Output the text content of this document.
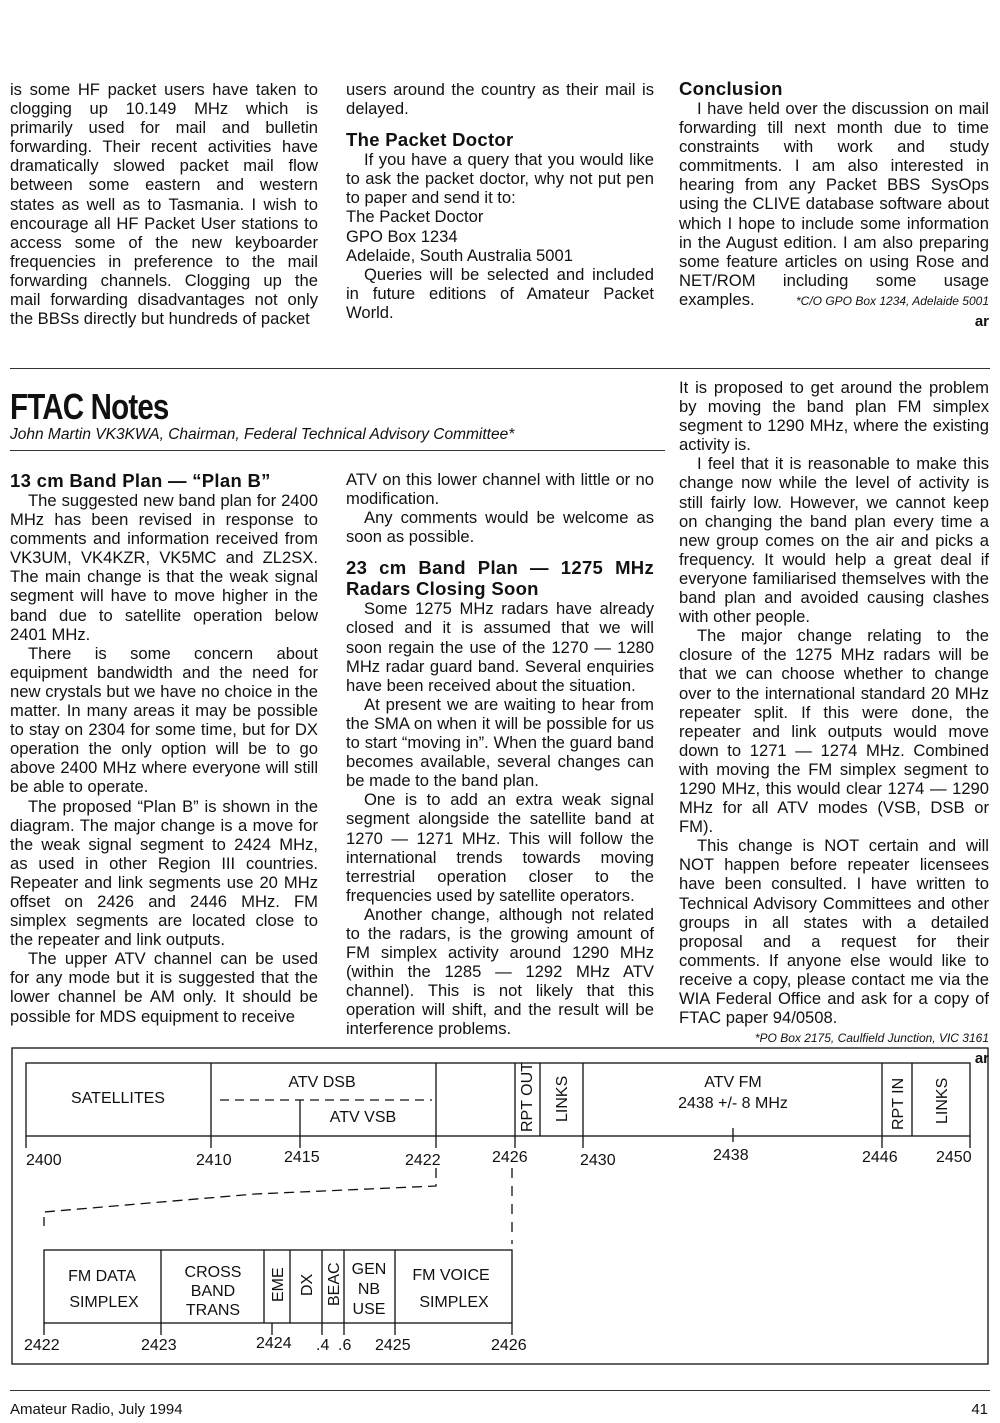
is some HF packet users have taken to clogging up 10.149 MHz which is primarily used for mail and bulletin forwarding. Their recent activities have dramatically slowed packet mail flow between some eastern and western states as well as to Tasmania. I wish to encourage all HF Packet User stations to access some of the new keyboarder frequencies in preference to the mail forwarding channels. Clogging up the mail forwarding disadvantages not only the BBSs directly but hundreds of packet

users around the country as their mail is delayed.

The Packet Doctor

If you have a query that you would like to ask the packet doctor, why not put pen to paper and send it to:

The Packet Doctor
GPO Box 1234
Adelaide, South Australia 5001

Queries will be selected and included in future editions of Amateur Packet World.

Conclusion

I have held over the discussion on mail forwarding till next month due to time constraints with work and study commitments. I am also interested in hearing from any Packet BBS SysOps using the CLIVE database software about which I hope to include some information in the August edition. I am also preparing some feature articles on using Rose and NET/ROM including some usage examples.	*C/O GPO Box 1234, Adelaide 5001
ar
FTAC Notes
John Martin VK3KWA, Chairman, Federal Technical Advisory Committee*
13 cm Band Plan — “Plan B”

The suggested new band plan for 2400 MHz has been revised in response to comments and information received from VK3UM, VK4KZR, VK5MC and ZL2SX. The main change is that the weak signal segment will have to move higher in the band due to satellite operation below 2401 MHz.

There is some concern about equipment bandwidth and the need for new crystals but we have no choice in the matter. In many areas it may be possible to stay on 2304 for some time, but for DX operation the only option will be to go above 2400 MHz where everyone will still be able to operate.

The proposed “Plan B” is shown in the diagram. The major change is a move for the weak signal segment to 2424 MHz, as used in other Region III countries. Repeater and link segments use 20 MHz offset on 2426 and 2446 MHz. FM simplex segments are located close to the repeater and link outputs.

The upper ATV channel can be used for any mode but it is suggested that the lower channel be AM only. It should be possible for MDS equipment to receive

ATV on this lower channel with little or no modification.

Any comments would be welcome as soon as possible.

23 cm Band Plan — 1275 MHz Radars Closing Soon

Some 1275 MHz radars have already closed and it is assumed that we will soon regain the use of the 1270 — 1280 MHz radar guard band. Several enquiries have been received about the situation.

At present we are waiting to hear from the SMA on when it will be possible for us to start “moving in”. When the guard band becomes available, several changes can be made to the band plan.

One is to add an extra weak signal segment alongside the satellite band at 1270 — 1271 MHz. This will follow the international trends towards moving terrestrial operation closer to the frequencies used by satellite operators.

Another change, although not related to the radars, is the growing amount of FM simplex activity around 1290 MHz (within the 1285 — 1292 MHz ATV channel). This is not likely that this operation will shift, and the result will be interference problems.

It is proposed to get around the problem by moving the band plan FM simplex segment to 1290 MHz, where the existing activity is.

I feel that it is reasonable to make this change now while the level of activity is still fairly low. However, we cannot keep on changing the band plan every time a new group comes on the air and picks a frequency. It would help a great deal if everyone familiarised themselves with the band plan and avoided causing clashes with other people.

The major change relating to the closure of the 1275 MHz radars will be that we can choose whether to change over to the international standard 20 MHz repeater split. If this were done, the repeater and link outputs would move down to 1271 — 1274 MHz. Combined with moving the FM simplex segment to 1290 MHz, this would clear 1274 — 1290 MHz for all ATV modes (VSB, DSB or FM).

This change is NOT certain and will NOT happen before repeater licensees have been consulted. I have written to Technical Advisory Committees and other groups in all states with a detailed proposal and a request for their comments. If anyone else would like to receive a copy, please contact me via the WIA Federal Office and ask for a copy of FTAC paper 94/0508.

*PO Box 2175, Caulfield Junction, VIC 3161
ar
SATELLITES
ATV DSB
ATV VSB	RPT OUT LINKS	ATV FM
2438 +/- 8 MHz	RPT IN LINKS
2400	2410	2415	2422	2426	2430	2438	2446 2450
FM DATA
SIMPLEX
CROSS
BAND
TRANS
EME DX BEAC GEN
NB
USE
FM VOICE
SIMPLEX
2422	2423	2424 .4 .6 2425	2426
Amateur Radio, July 1994	41
